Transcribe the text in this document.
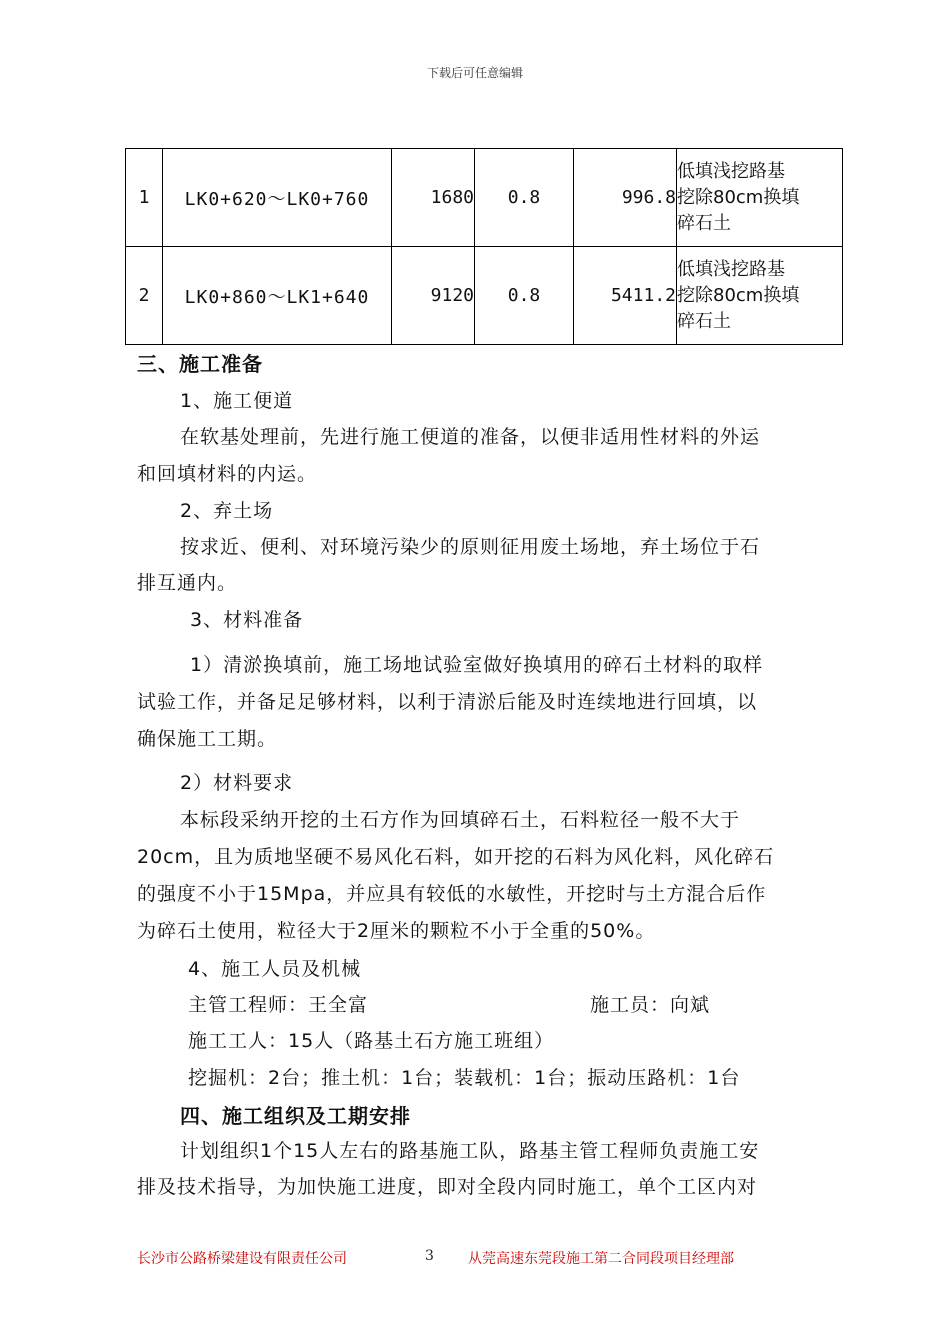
下载后可任意编辑
1	LK0+620～LK0+760	1680	0.8	996.8	低填浅挖路基
挖除80cm换填
碎石土

2	LK0+860～LK1+640	9120	0.8	5411.2	低填浅挖路基
挖除80cm换填
碎石土
三、施工准备
1、施工便道
在软基处理前，先进行施工便道的准备，以便非适用性材料的外运
和回填材料的内运。
2、弃土场
按求近、便利、对环境污染少的原则征用废土场地，弃土场位于石
排互通内。
3、材料准备
1）清淤换填前，施工场地试验室做好换填用的碎石土材料的取样
试验工作，并备足足够材料，以利于清淤后能及时连续地进行回填，以
确保施工工期。
2）材料要求
本标段采纳开挖的土石方作为回填碎石土，石料粒径一般不大于
20cm，且为质地坚硬不易风化石料，如开挖的石料为风化料，风化碎石
的强度不小于15Mpa，并应具有较低的水敏性，开挖时与土方混合后作
为碎石土使用，粒径大于2厘米的颗粒不小于全重的50%。
4、施工人员及机械
主管工程师：王全富	施工员：向斌
施工工人：15人（路基土石方施工班组）
挖掘机：2台；推土机：1台；装载机：1台；振动压路机：1台
四、施工组织及工期安排
计划组织1个15人左右的路基施工队，路基主管工程师负责施工安
排及技术指导，为加快施工进度，即对全段内同时施工，单个工区内对
长沙市公路桥梁建设有限责任公司	3 从莞高速东莞段施工第二合同段项目经理部
